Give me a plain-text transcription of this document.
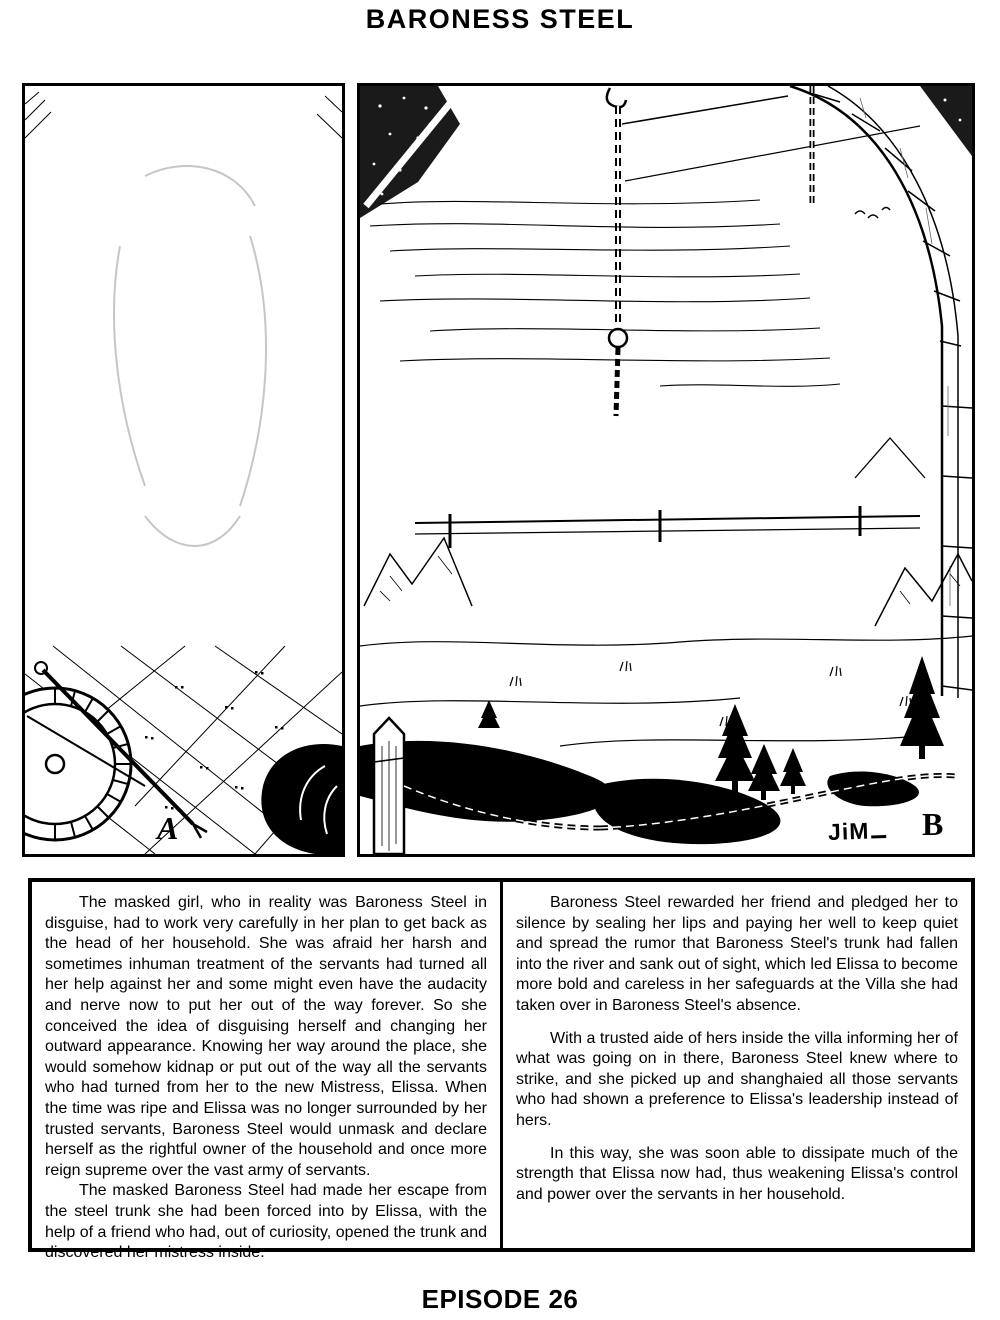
BARONESS STEEL
A	JiM	B

The masked girl, who in reality was Baroness Steel in disguise, had to work very carefully in her plan to get back as the head of her household. She was afraid her harsh and sometimes inhuman treatment of the servants had turned all her help against her and some might even have the audacity and nerve now to put her out of the way forever. So she conceived the idea of disguising herself and changing her outward appearance. Knowing her way around the place, she would somehow kidnap or put out of the way all the servants who had turned from her to the new Mistress, Elissa. When the time was ripe and Elissa was no longer surrounded by her trusted servants, Baroness Steel would unmask and declare herself as the rightful owner of the household and once more reign supreme over the vast army of servants.

The masked Baroness Steel had made her escape from the steel trunk she had been forced into by Elissa, with the help of a friend who had, out of curiosity, opened the trunk and discovered her mistress inside.

Baroness Steel rewarded her friend and pledged her to silence by sealing her lips and paying her well to keep quiet and spread the rumor that Baroness Steel's trunk had fallen into the river and sank out of sight, which led Elissa to become more bold and careless in her safeguards at the Villa she had taken over in Baroness Steel's absence.

With a trusted aide of hers inside the villa informing her of what was going on in there, Baroness Steel knew where to strike, and she picked up and shanghaied all those servants who had shown a preference to Elissa's leadership instead of hers.

In this way, she was soon able to dissipate much of the strength that Elissa now had, thus weakening Elissa's control and power over the servants in her household.

EPISODE 26
